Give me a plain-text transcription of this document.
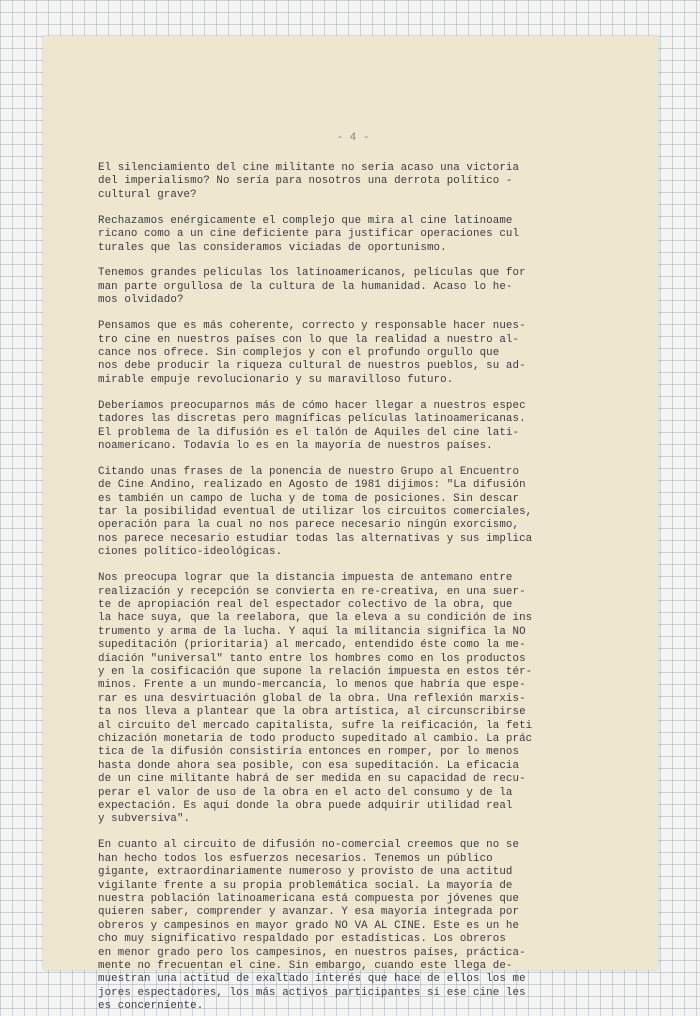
- 4 -

El silenciamiento del cine militante no sería acaso una victoria
del imperialismo? No sería para nosotros una derrota político -
cultural grave?

Rechazamos enérgicamente el complejo que mira al cine latinoame
ricano como a un cine deficiente para justificar operaciones cul
turales que las consideramos viciadas de oportunismo.

Tenemos grandes películas los latinoamericanos, películas que for
man parte orgullosa de la cultura de la humanidad. Acaso lo he-
mos olvidado?

Pensamos que es más coherente, correcto y responsable hacer nues-
tro cine en nuestros países con lo que la realidad a nuestro al-
cance nos ofrece. Sin complejos y con el profundo orgullo que
nos debe producir la riqueza cultural de nuestros pueblos, su ad-
mirable empuje revolucionario y su maravilloso futuro.

Deberíamos preocuparnos más de cómo hacer llegar a nuestros espec
tadores las discretas pero magníficas películas latinoamericanas.
El problema de la difusión es el talón de Aquiles del cine lati-
noamericano. Todavía lo es en la mayoría de nuestros países.

Citando unas frases de la ponencia de nuestro Grupo al Encuentro
de Cine Andino, realizado en Agosto de 1981 dijimos: "La difusión
es también un campo de lucha y de toma de posiciones. Sin descar
tar la posibilidad eventual de utilizar los circuitos comerciales,
operación para la cual no nos parece necesario ningún exorcismo,
nos parece necesario estudiar todas las alternativas y sus implica
ciones político-ideológicas.

Nos preocupa lograr que la distancia impuesta de antemano entre
realización y recepción se convierta en re-creativa, en una suer-
te de apropiación real del espectador colectivo de la obra, que
la hace suya, que la reelabora, que la eleva a su condición de ins
trumento y arma de la lucha. Y aquí la militancia significa la NO
supeditación (prioritaria) al mercado, entendido éste como la me-
diación "universal" tanto entre los hombres como en los productos
y en la cosificación que supone la relación impuesta en estos tér-
minos. Frente a un mundo-mercancía, lo menos que habría que espe-
rar es una desvirtuación global de la obra. Una reflexión marxis-
ta nos lleva a plantear que la obra artística, al circunscribirse
al circuito del mercado capitalista, sufre la reificación, la feti
chización monetaria de todo producto supeditado al cambio. La prác
tica de la difusión consistiría entonces en romper, por lo menos
hasta donde ahora sea posible, con esa supeditación. La eficacia
de un cine militante habrá de ser medida en su capacidad de recu-
perar el valor de uso de la obra en el acto del consumo y de la
expectación. Es aquí donde la obra puede adquirir utilidad real
y subversiva".

En cuanto al circuito de difusión no-comercial creemos que no se
han hecho todos los esfuerzos necesarios. Tenemos un público
gigante, extraordinariamente numeroso y provisto de una actitud
vigilante frente a su propia problemática social. La mayoría de
nuestra población latinoamericana está compuesta por jóvenes que
quieren saber, comprender y avanzar. Y esa mayoría integrada por
obreros y campesinos en mayor grado NO VA AL CINE. Este es un he
cho muy significativo respaldado por estadísticas. Los obreros
en menor grado pero los campesinos, en nuestros países, práctica-
mente no frecuentan el cine. Sin embargo, cuando este llega de-
muestran una actitud de exaltado interés que hace de ellos los me
jores espectadores, los más activos participantes si ese cine les
es concerniente.
